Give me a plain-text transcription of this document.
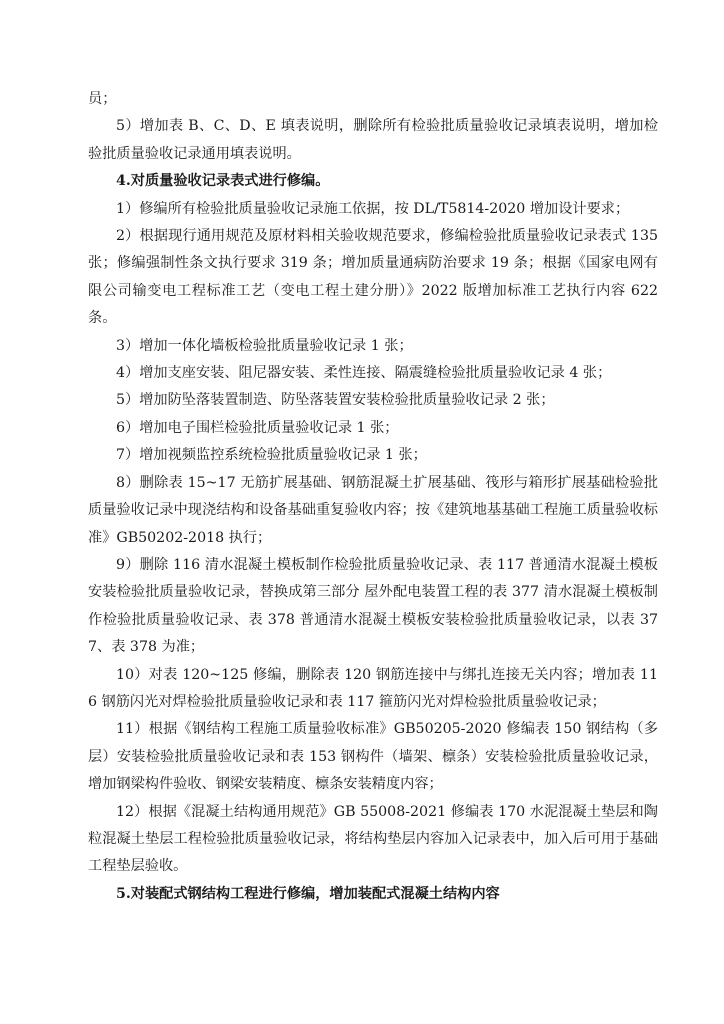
员；

5）增加表 B、C、D、E 填表说明，删除所有检验批质量验收记录填表说明，增加检验批质量验收记录通用填表说明。

4.对质量验收记录表式进行修编。

1）修编所有检验批质量验收记录施工依据，按 DL/T5814-2020 增加设计要求；

2）根据现行通用规范及原材料相关验收规范要求，修编检验批质量验收记录表式 135 张；修编强制性条文执行要求 319 条；增加质量通病防治要求 19 条；根据《国家电网有限公司输变电工程标准工艺（变电工程土建分册）》2022 版增加标准工艺执行内容 622 条。

3）增加一体化墙板检验批质量验收记录 1 张；

4）增加支座安装、阻尼器安装、柔性连接、隔震缝检验批质量验收记录 4 张；

5）增加防坠落装置制造、防坠落装置安装检验批质量验收记录 2 张；

6）增加电子围栏检验批质量验收记录 1 张；

7）增加视频监控系统检验批质量验收记录 1 张；

8）删除表 15~17 无筋扩展基础、钢筋混凝土扩展基础、筏形与箱形扩展基础检验批质量验收记录中现浇结构和设备基础重复验收内容；按《建筑地基基础工程施工质量验收标准》GB50202-2018 执行；

9）删除 116 清水混凝土模板制作检验批质量验收记录、表 117 普通清水混凝土模板安装检验批质量验收记录，替换成第三部分 屋外配电装置工程的表 377 清水混凝土模板制作检验批质量验收记录、表 378 普通清水混凝土模板安装检验批质量验收记录，以表 377、表 378 为准；

10）对表 120~125 修编，删除表 120 钢筋连接中与绑扎连接无关内容；增加表 116 钢筋闪光对焊检验批质量验收记录和表 117 箍筋闪光对焊检验批质量验收记录；

11）根据《钢结构工程施工质量验收标准》GB50205-2020 修编表 150 钢结构（多层）安装检验批质量验收记录和表 153 钢构件（墙架、檩条）安装检验批质量验收记录，增加钢梁构件验收、钢梁安装精度、檩条安装精度内容；

12）根据《混凝土结构通用规范》GB 55008-2021 修编表 170 水泥混凝土垫层和陶粒混凝土垫层工程检验批质量验收记录，将结构垫层内容加入记录表中，加入后可用于基础工程垫层验收。

5.对装配式钢结构工程进行修编，增加装配式混凝土结构内容
